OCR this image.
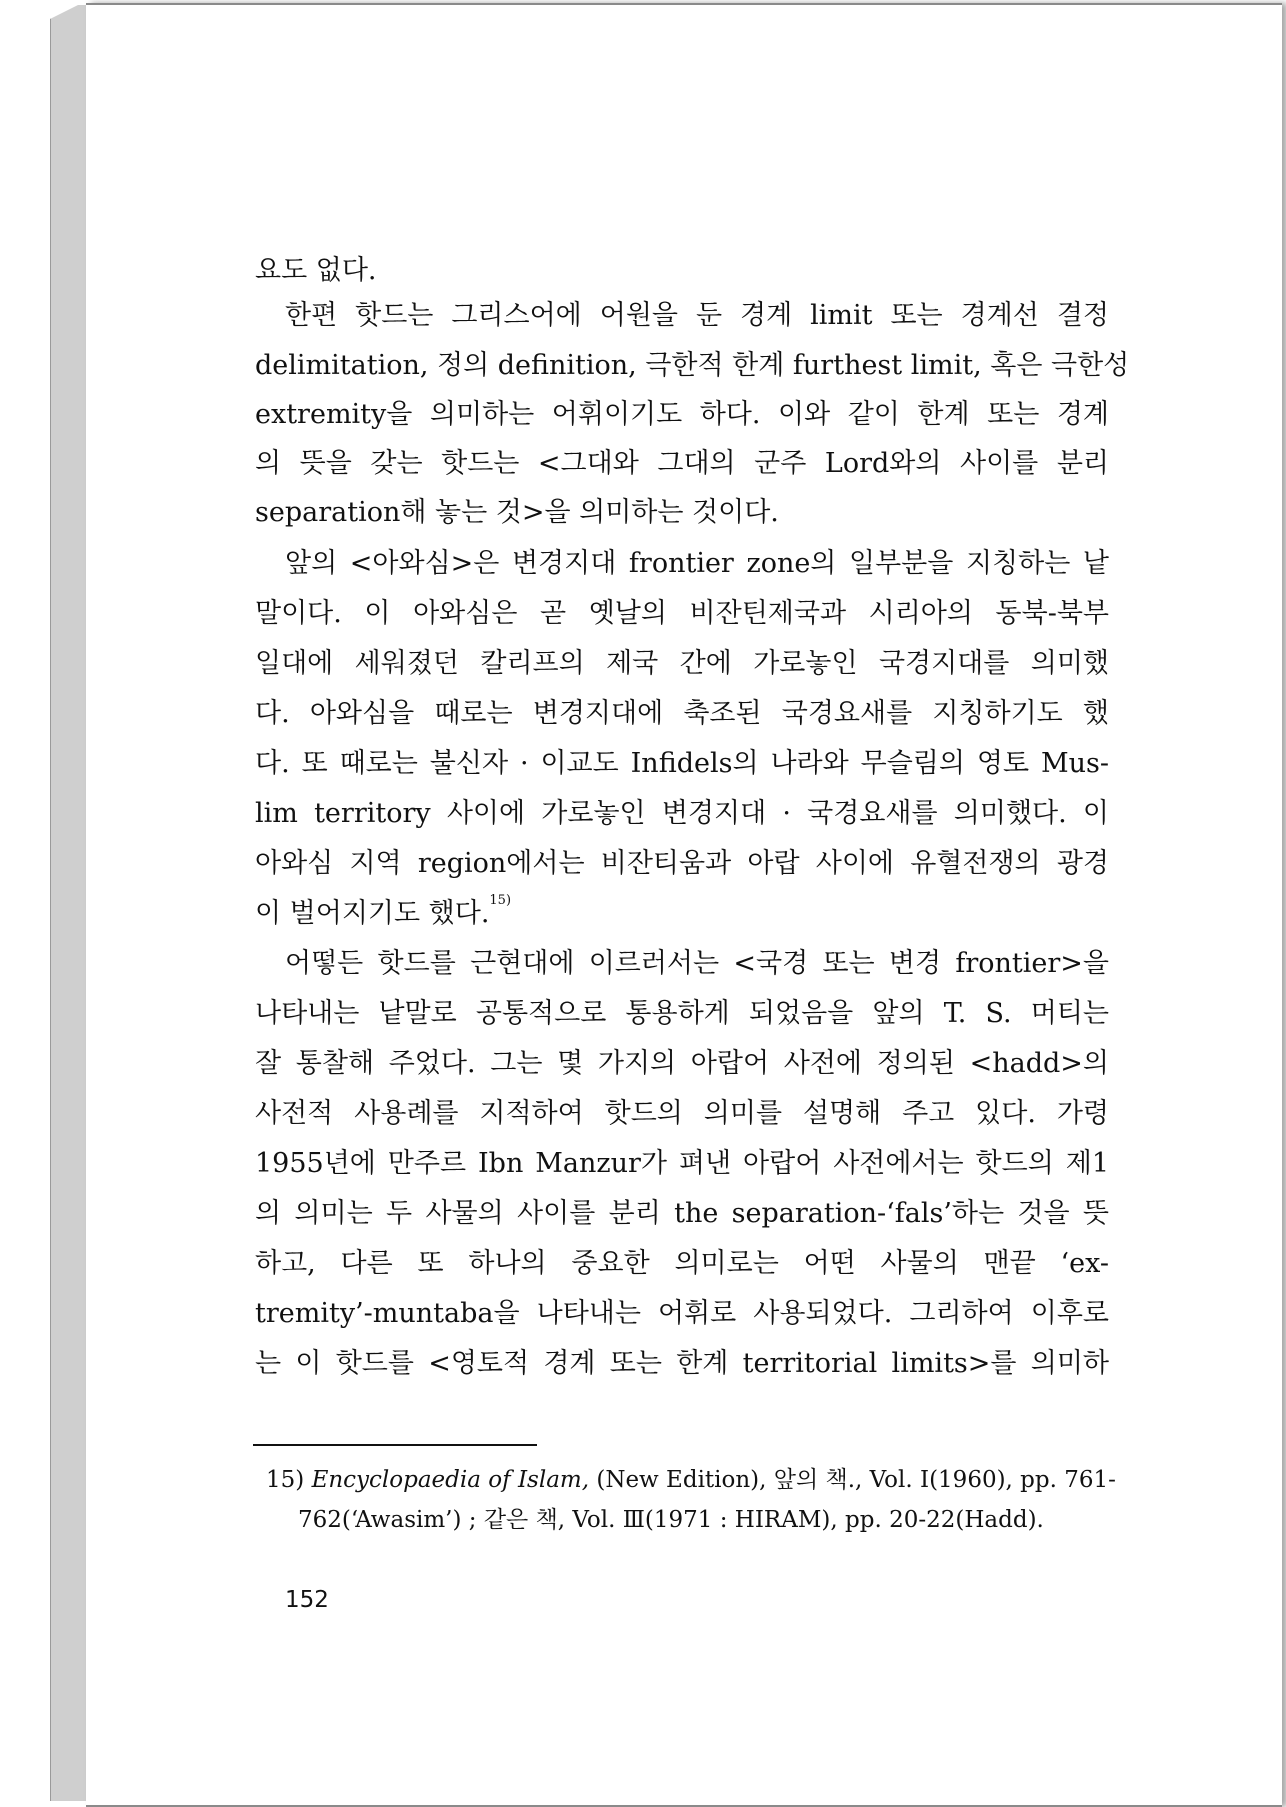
요도 없다.
한편 핫드는 그리스어에 어원을 둔 경계 limit 또는 경계선 결정
delimitation, 정의 definition, 극한적 한계 furthest limit, 혹은 극한성
extremity을 의미하는 어휘이기도 하다. 이와 같이 한계 또는 경계
의 뜻을 갖는 핫드는 <그대와 그대의 군주 Lord와의 사이를 분리
separation해 놓는 것>을 의미하는 것이다.
앞의 <아와심>은 변경지대 frontier zone의 일부분을 지칭하는 낱
말이다. 이 아와심은 곧 옛날의 비잔틴제국과 시리아의 동북-북부
일대에 세워졌던 칼리프의 제국 간에 가로놓인 국경지대를 의미했
다. 아와심을 때로는 변경지대에 축조된 국경요새를 지칭하기도 했
다. 또 때로는 불신자 · 이교도 Infidels의 나라와 무슬림의 영토 Mus-
lim territory 사이에 가로놓인 변경지대 · 국경요새를 의미했다. 이
아와심 지역 region에서는 비잔티움과 아랍 사이에 유혈전쟁의 광경
이 벌어지기도 했다.$^{15)}$
어떻든 핫드를 근현대에 이르러서는 <국경 또는 변경 frontier>을
나타내는 낱말로 공통적으로 통용하게 되었음을 앞의 T. S. 머티는
잘 통찰해 주었다. 그는 몇 가지의 아랍어 사전에 정의된 <hadd>의
사전적 사용례를 지적하여 핫드의 의미를 설명해 주고 있다. 가령
1955년에 만주르 Ibn Manzur가 펴낸 아랍어 사전에서는 핫드의 제1
의 의미는 두 사물의 사이를 분리 the separation-‘fals’하는 것을 뜻
하고, 다른 또 하나의 중요한 의미로는 어떤 사물의 맨끝 ‘ex-
tremity’-muntaba을 나타내는 어휘로 사용되었다. 그리하여 이후로
는 이 핫드를 <영토적 경계 또는 한계 territorial limits>를 의미하
15) Encyclopaedia of Islam, (New Edition), 앞의 책., Vol. Ⅰ(1960), pp. 761-
762(‘Awasim’) ; 같은 책, Vol. Ⅲ(1971 : HIRAM), pp. 20-22(Hadd).
152
